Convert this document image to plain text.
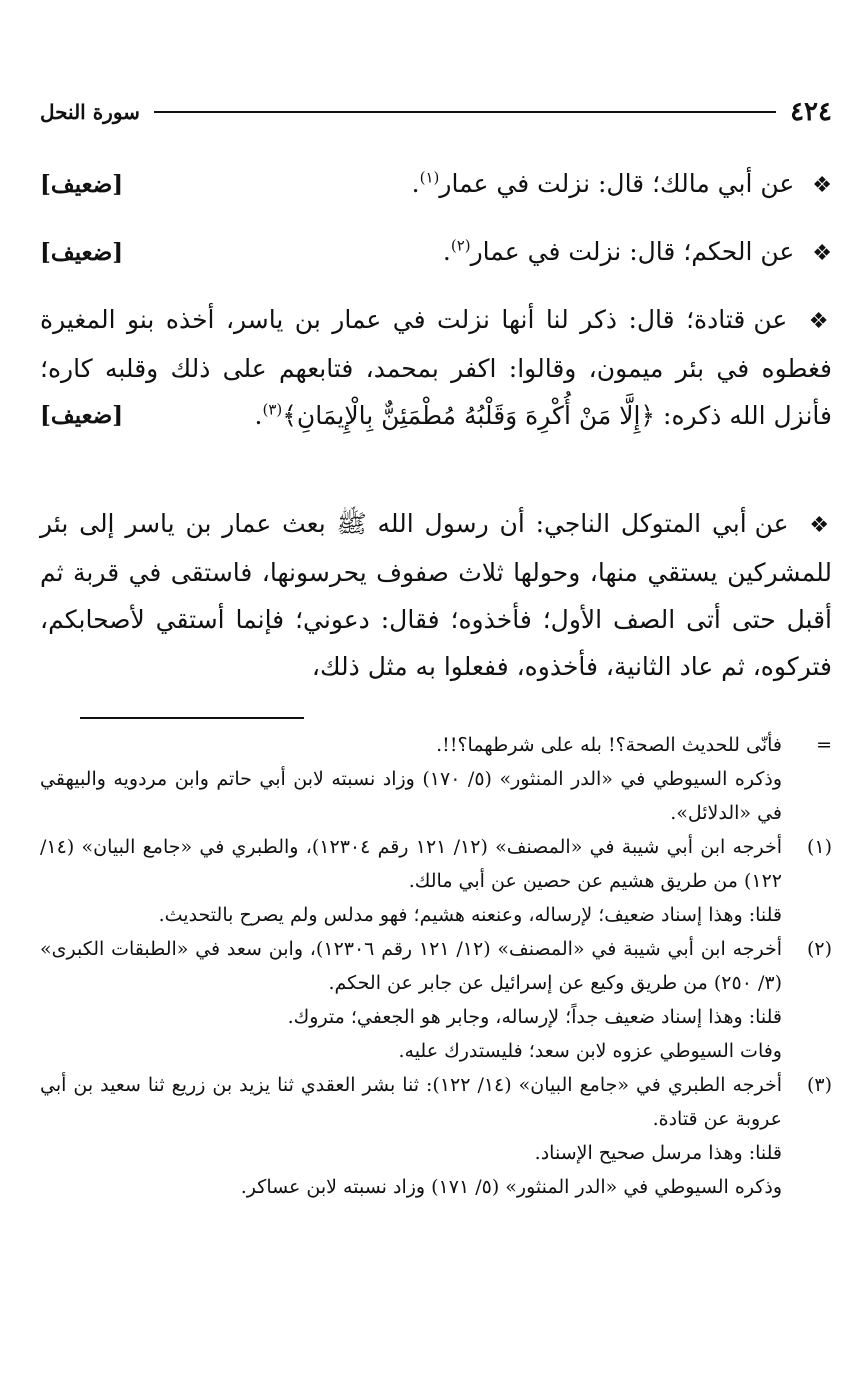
٤٢٤
سورة النحل
❖ عن أبي مالك؛ قال: نزلت في عمار$^{(١)}$.
[ضعيف]
❖ عن الحكم؛ قال: نزلت في عمار$^{(٢)}$.
[ضعيف]
❖ عن قتادة؛ قال: ذكر لنا أنها نزلت في عمار بن ياسر، أخذه بنو المغيرة فغطوه في بئر ميمون، وقالوا: اكفر بمحمد، فتابعهم على ذلك وقلبه كاره؛ فأنزل الله ذكره: ﴿إِلَّا مَنْ أُكْرِهَ وَقَلْبُهُ مُطْمَئِنٌّ بِالْإِيمَانِ﴾$^{(٣)}$.
[ضعيف]
❖ عن أبي المتوكل الناجي: أن رسول الله ﷺ بعث عمار بن ياسر إلى بئر للمشركين يستقي منها، وحولها ثلاث صفوف يحرسونها، فاستقى في قربة ثم أقبل حتى أتى الصف الأول؛ فأخذوه؛ فقال: دعوني؛ فإنما أستقي لأصحابكم، فتركوه، ثم عاد الثانية، فأخذوه، ففعلوا به مثل ذلك،
=

فأنّى للحديث الصحة؟! بله على شرطهما؟!!.

وذكره السيوطي في «الدر المنثور» (٥/ ١٧٠) وزاد نسبته لابن أبي حاتم وابن مردويه والبيهقي في «الدلائل».

(١)

أخرجه ابن أبي شيبة في «المصنف» (١٢/ ١٢١ رقم ١٢٣٠٤)، والطبري في «جامع البيان» (١٤/ ١٢٢) من طريق هشيم عن حصين عن أبي مالك.

قلنا: وهذا إسناد ضعيف؛ لإرساله، وعنعنه هشيم؛ فهو مدلس ولم يصرح بالتحديث.

(٢)

أخرجه ابن أبي شيبة في «المصنف» (١٢/ ١٢١ رقم ١٢٣٠٦)، وابن سعد في «الطبقات الكبرى» (٣/ ٢٥٠) من طريق وكيع عن إسرائيل عن جابر عن الحكم.

قلنا: وهذا إسناد ضعيف جداً؛ لإرساله، وجابر هو الجعفي؛ متروك.

وفات السيوطي عزوه لابن سعد؛ فليستدرك عليه.

(٣)

أخرجه الطبري في «جامع البيان» (١٤/ ١٢٢): ثنا بشر العقدي ثنا يزيد بن زريع ثنا سعيد بن أبي عروبة عن قتادة.

قلنا: وهذا مرسل صحيح الإسناد.

وذكره السيوطي في «الدر المنثور» (٥/ ١٧١) وزاد نسبته لابن عساكر.
